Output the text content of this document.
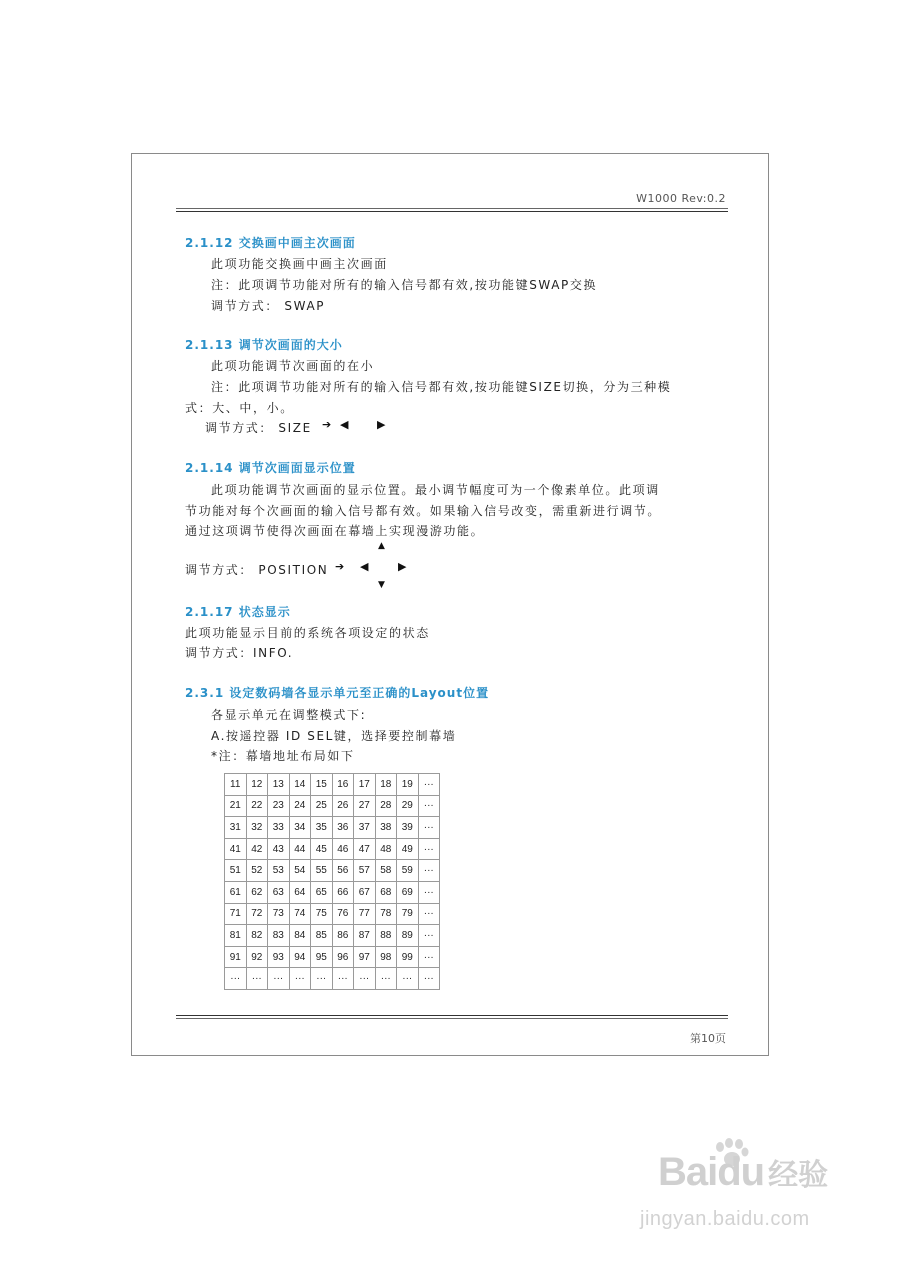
W1000 Rev:0.2
2.1.12 交换画中画主次画面
此项功能交换画中画主次画面
注：此项调节功能对所有的输入信号都有效,按功能键SWAP交换
调节方式： SWAP
2.1.13 调节次画面的大小
此项功能调节次画面的在小
注：此项调节功能对所有的输入信号都有效,按功能键SIZE切换，分为三种模
式：大、中，小。
调节方式： SIZE ➔ ◀	▶
2.1.14 调节次画面显示位置
此项功能调节次画面的显示位置。最小调节幅度可为一个像素单位。此项调
节功能对每个次画面的输入信号都有效。如果输入信号改变，需重新进行调节。
通过这项调节使得次画面在幕墙上实现漫游功能。
▲
调节方式： POSITION ➔ ◀	▶
▼
2.1.17 状态显示
此项功能显示目前的系统各项设定的状态
调节方式：INFO.
2.3.1 设定数码墙各显示单元至正确的Layout位置
各显示单元在调整模式下:
A.按遥控器 ID SEL键，选择要控制幕墙
*注：幕墙地址布局如下
11	12	13	14	15	16	17	18	19	···
21	22	23	24	25	26	27	28	29	···
31	32	33	34	35	36	37	38	39	···
41	42	43	44	45	46	47	48	49	···
51	52	53	54	55	56	57	58	59	···
61	62	63	64	65	66	67	68	69	···
71	72	73	74	75	76	77	78	79	···
81	82	83	84	85	86	87	88	89	···
91	92	93	94	95	96	97	98	99	···
···	···	···	···	···	···	···	···	···	···
第10页
Baidu 经验
jingyan.baidu.com
